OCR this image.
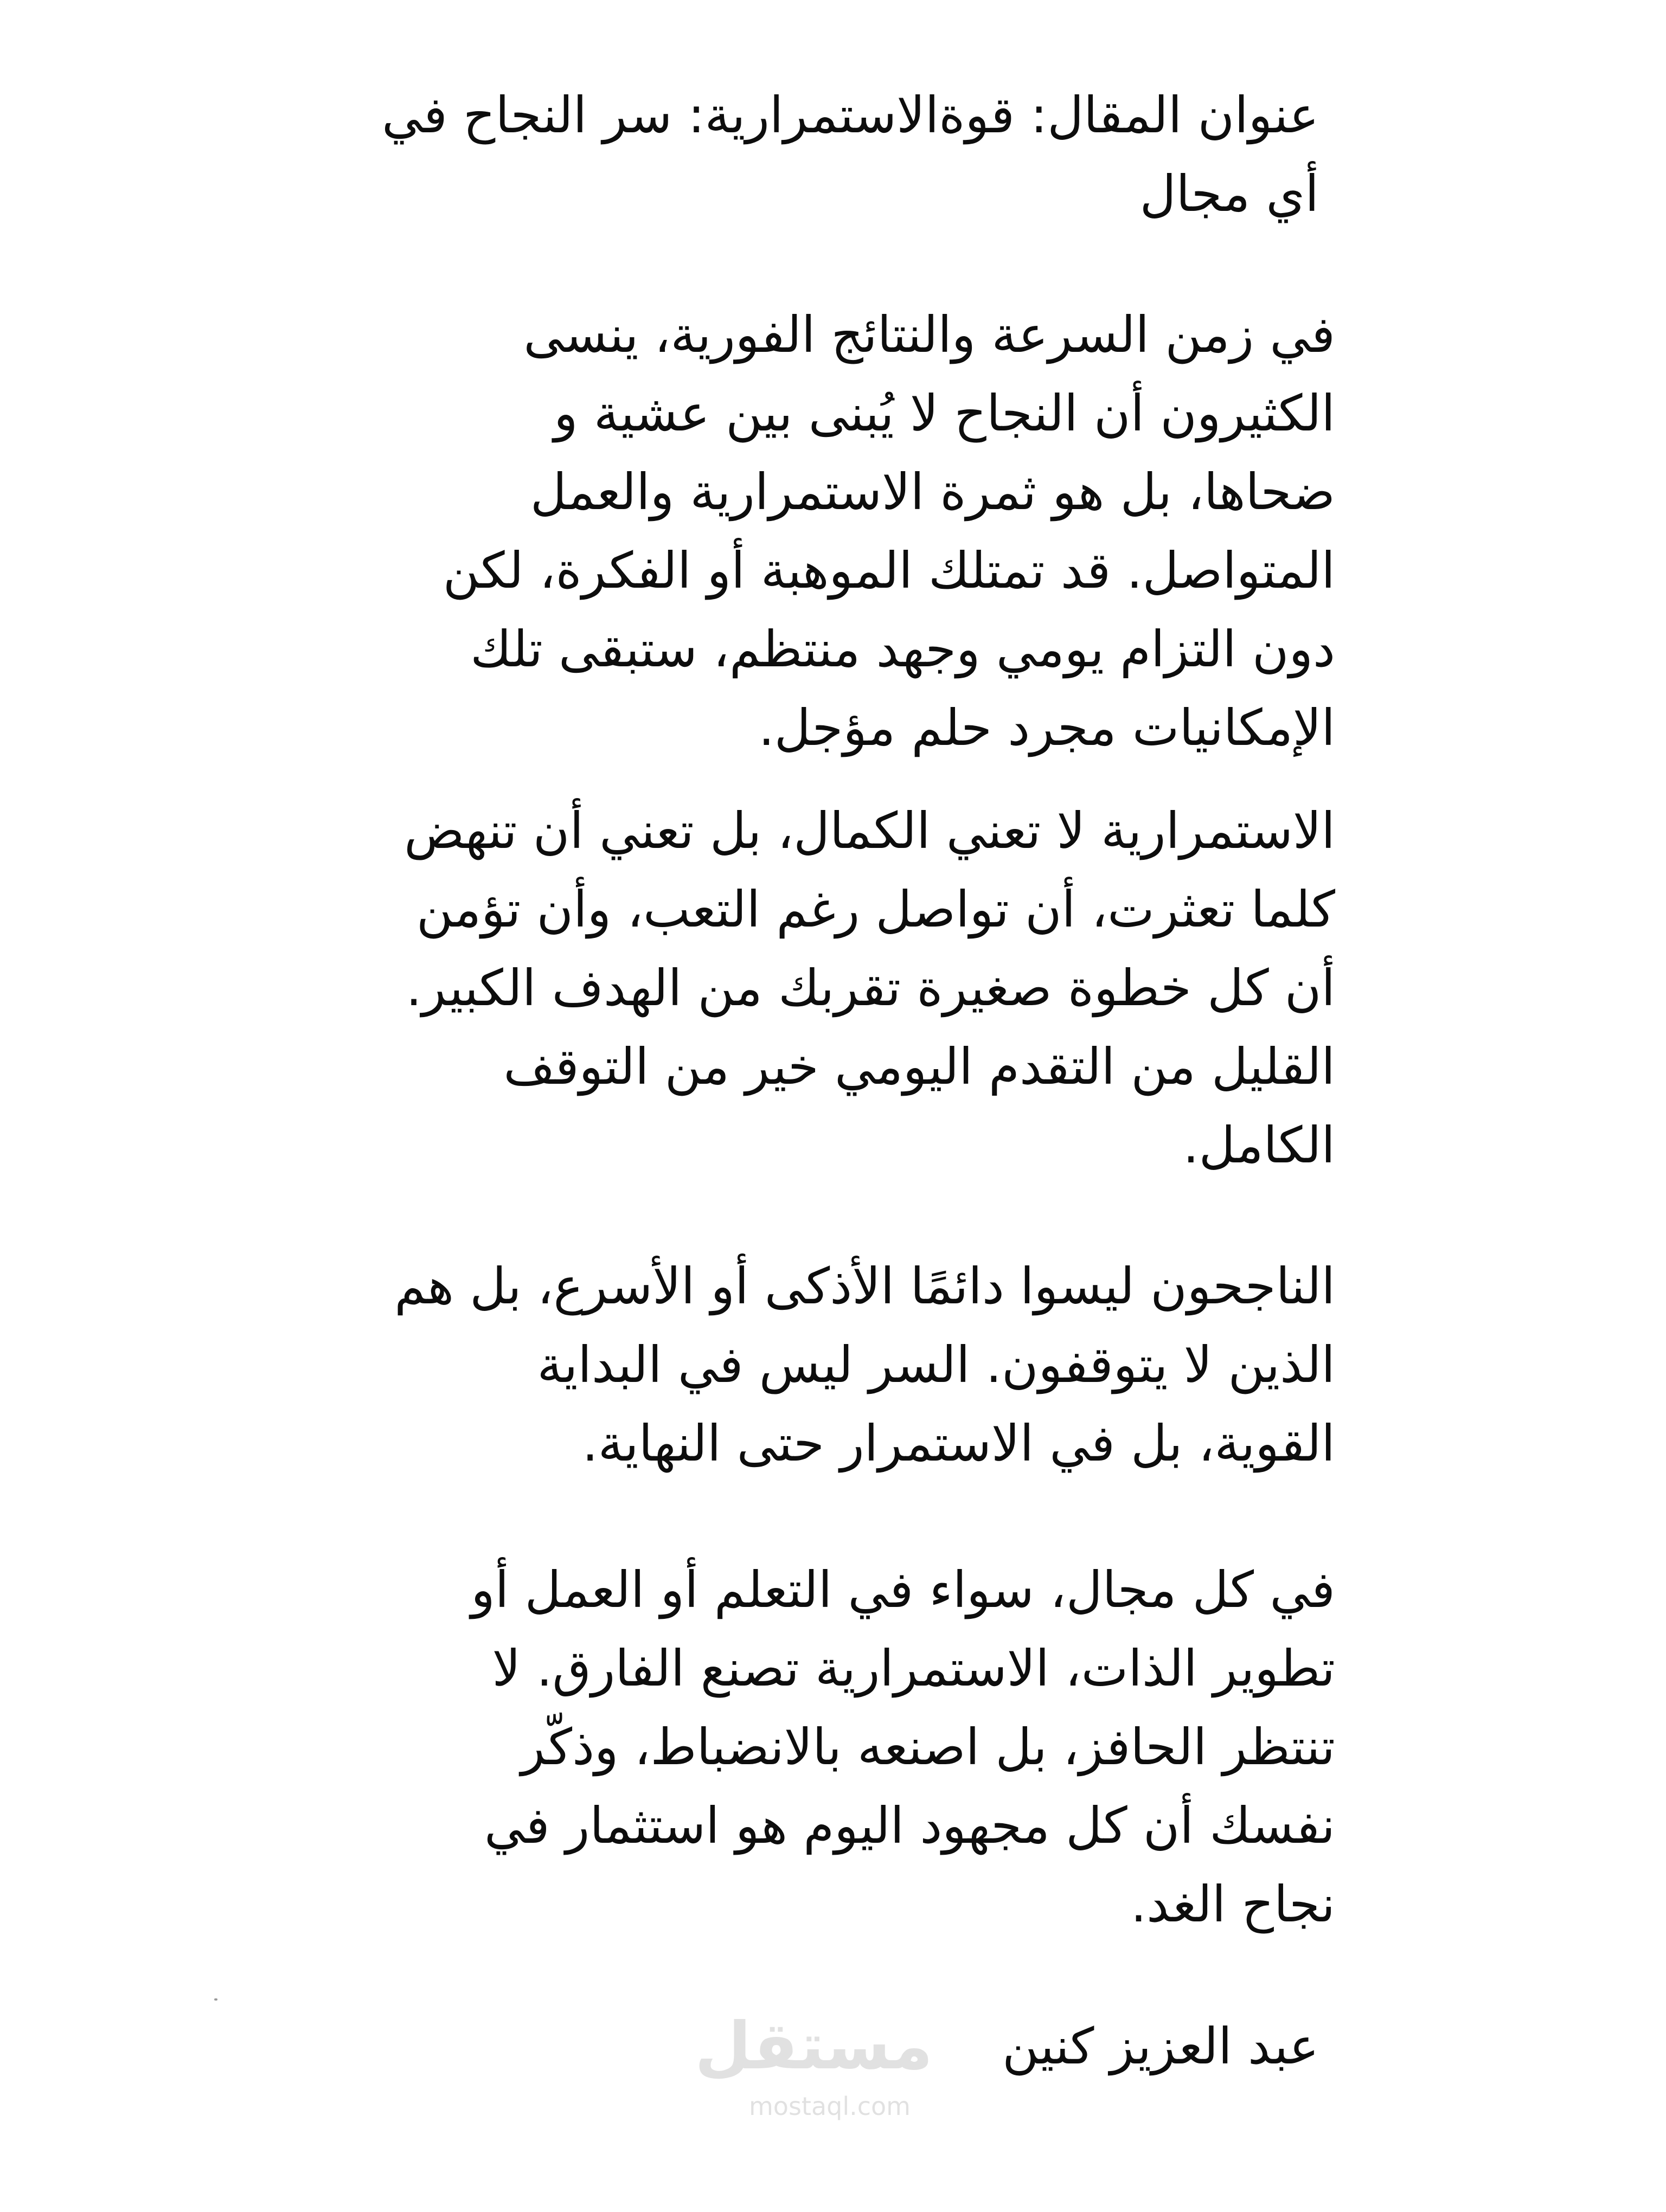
عنوان المقال: قوةالاستمرارية: سر النجاح في
أي مجال
في زمن السرعة والنتائج الفورية، ينسى
الكثيرون أن النجاح لا يُبنى بين عشية و
ضحاها، بل هو ثمرة الاستمرارية والعمل
المتواصل. قد تمتلك الموهبة أو الفكرة، لكن
دون التزام يومي وجهد منتظم، ستبقى تلك
الإمكانيات مجرد حلم مؤجل.
الاستمرارية لا تعني الكمال، بل تعني أن تنهض
كلما تعثرت، أن تواصل رغم التعب، وأن تؤمن
أن كل خطوة صغيرة تقربك من الهدف الكبير.
القليل من التقدم اليومي خير من التوقف
الكامل.
الناجحون ليسوا دائمًا الأذكى أو الأسرع، بل هم
الذين لا يتوقفون. السر ليس في البداية
القوية، بل في الاستمرار حتى النهاية.
في كل مجال، سواء في التعلم أو العمل أو
تطوير الذات، الاستمرارية تصنع الفارق. لا
تنتظر الحافز، بل اصنعه بالانضباط، وذكّر
نفسك أن كل مجهود اليوم هو استثمار في
نجاح الغد.
عبد العزيز كنين
مستقل
mostaql.com
